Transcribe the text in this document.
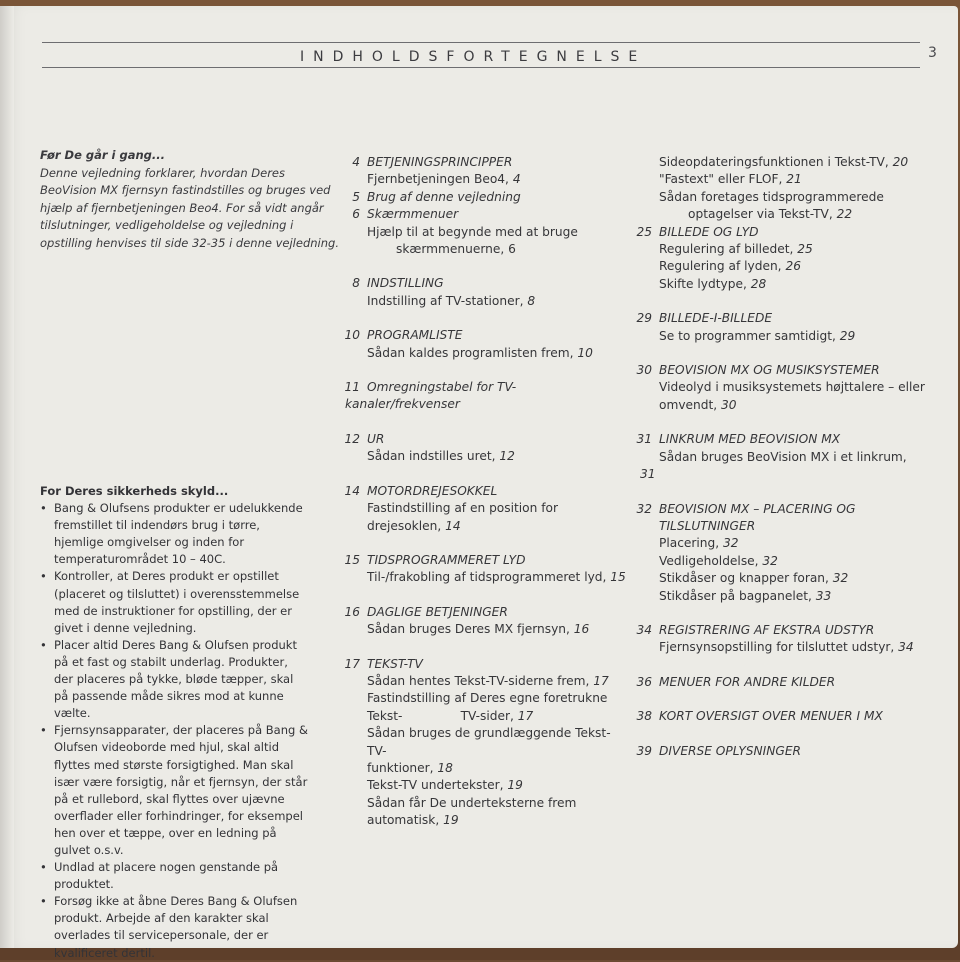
INDHOLDSFORTEGNELSE	3
Før De går i gang...
Denne vejledning forklarer, hvordan Deres BeoVision MX fjernsyn fastindstilles og bruges ved hjælp af fjernbetjeningen Beo4. For så vidt angår tilslutninger, vedligeholdelse og vejledning i opstilling henvises til side 32-35 i denne vejledning.
For Deres sikkerheds skyld...
• Bang & Olufsens produkter er udelukkende fremstillet til indendørs brug i tørre, hjemlige omgivelser og inden for temperaturområdet 10 – 40C.
• Kontroller, at Deres produkt er opstillet (placeret og tilsluttet) i overensstemmelse med de instruktioner for opstilling, der er givet i denne vejledning.
• Placer altid Deres Bang & Olufsen produkt på et fast og stabilt underlag. Produkter, der placeres på tykke, bløde tæpper, skal på passende måde sikres mod at kunne vælte.
• Fjernsynsapparater, der placeres på Bang & Olufsen videoborde med hjul, skal altid flyttes med største forsigtighed. Man skal især være forsigtig, når et fjernsyn, der står på et rullebord, skal flyttes over ujævne overflader eller forhindringer, for eksempel hen over et tæppe, over en ledning på gulvet o.s.v.
• Undlad at placere nogen genstande på produktet.
• Forsøg ikke at åbne Deres Bang & Olufsen produkt. Arbejde af den karakter skal overlades til servicepersonale, der er kvalificeret dertil.
4 BETJENINGSPRINCIPPER
Fjernbetjeningen Beo4, 4
5 Brug af denne vejledning
6 Skærmmenuer
Hjælp til at begynde med at bruge
skærmmenuerne, 6
8 INDSTILLING
Indstilling af TV-stationer, 8
10 PROGRAMLISTE
Sådan kaldes programlisten frem, 10
11 Omregningstabel for TV-
kanaler/frekvenser
12 UR
Sådan indstilles uret, 12
14 MOTORDREJESOKKEL
Fastindstilling af en position for
drejesoklen, 14
15 TIDSPROGRAMMERET LYD
Til-/frakobling af tidsprogrammeret lyd, 15
16 DAGLIGE BETJENINGER
Sådan bruges Deres MX fjernsyn, 16
17 TEKST-TV
Sådan hentes Tekst-TV-siderne frem, 17
Fastindstilling af Deres egne foretrukne
Tekst-               TV-sider, 17
Sådan bruges de grundlæggende Tekst-TV-
funktioner, 18
Tekst-TV undertekster, 19
Sådan får De underteksterne frem
automatisk, 19
Sideopdateringsfunktionen i Tekst-TV, 20
"Fastext" eller FLOF, 21
Sådan foretages tidsprogrammerede
optagelser via Tekst-TV, 22
25 BILLEDE OG LYD
Regulering af billedet, 25
Regulering af lyden, 26
Skifte lydtype, 28
29 BILLEDE-I-BILLEDE
Se to programmer samtidigt, 29
30 BEOVISION MX OG MUSIKSYSTEMER
Videolyd i musiksystemets højttalere – eller
omvendt, 30
31 LINKRUM MED BEOVISION MX
Sådan bruges BeoVision MX i et linkrum,
31
32 BEOVISION MX – PLACERING OG
TILSLUTNINGER
Placering, 32
Vedligeholdelse, 32
Stikdåser og knapper foran, 32
Stikdåser på bagpanelet, 33
34 REGISTRERING AF EKSTRA UDSTYR
Fjernsynsopstilling for tilsluttet udstyr, 34
36 MENUER FOR ANDRE KILDER
38 KORT OVERSIGT OVER MENUER I MX
39 DIVERSE OPLYSNINGER
